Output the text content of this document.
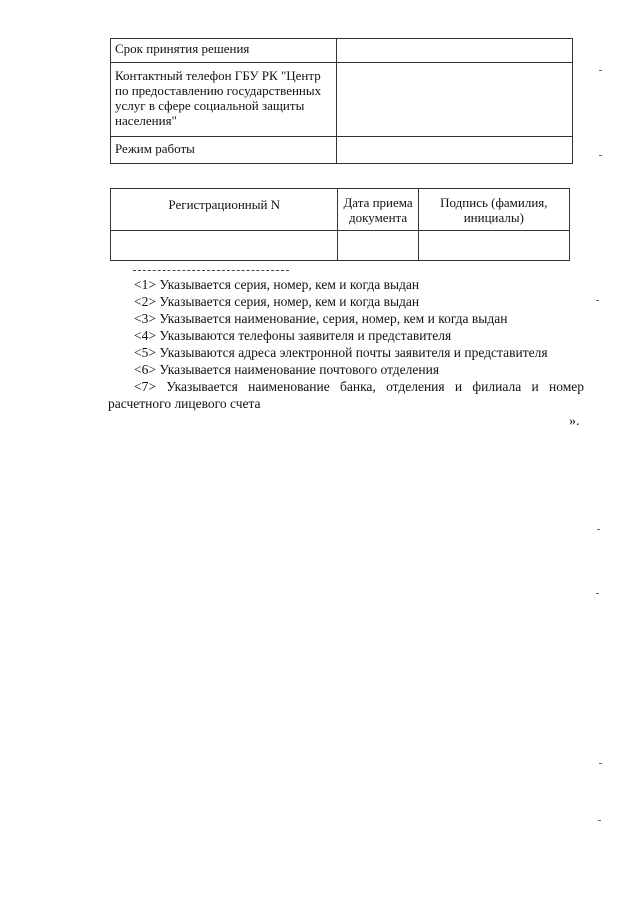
Срок принятия решения	
Контактный телефон ГБУ РК "Центр по предоставлению государственных услуг в сфере социальной защиты населения"	
Режим работы	
Регистрационный N	Дата приема документа	Подпись (фамилия, инициалы)

<1> Указывается серия, номер, кем и когда выдан

<2> Указывается серия, номер, кем и когда выдан

<3> Указывается наименование, серия, номер, кем и когда выдан

<4> Указываются телефоны заявителя и представителя

<5> Указываются адреса электронной почты заявителя и представителя

<6> Указывается наименование почтового отделения

<7> Указывается наименование банка, отделения и филиала и номер расчетного лицевого счета

».
